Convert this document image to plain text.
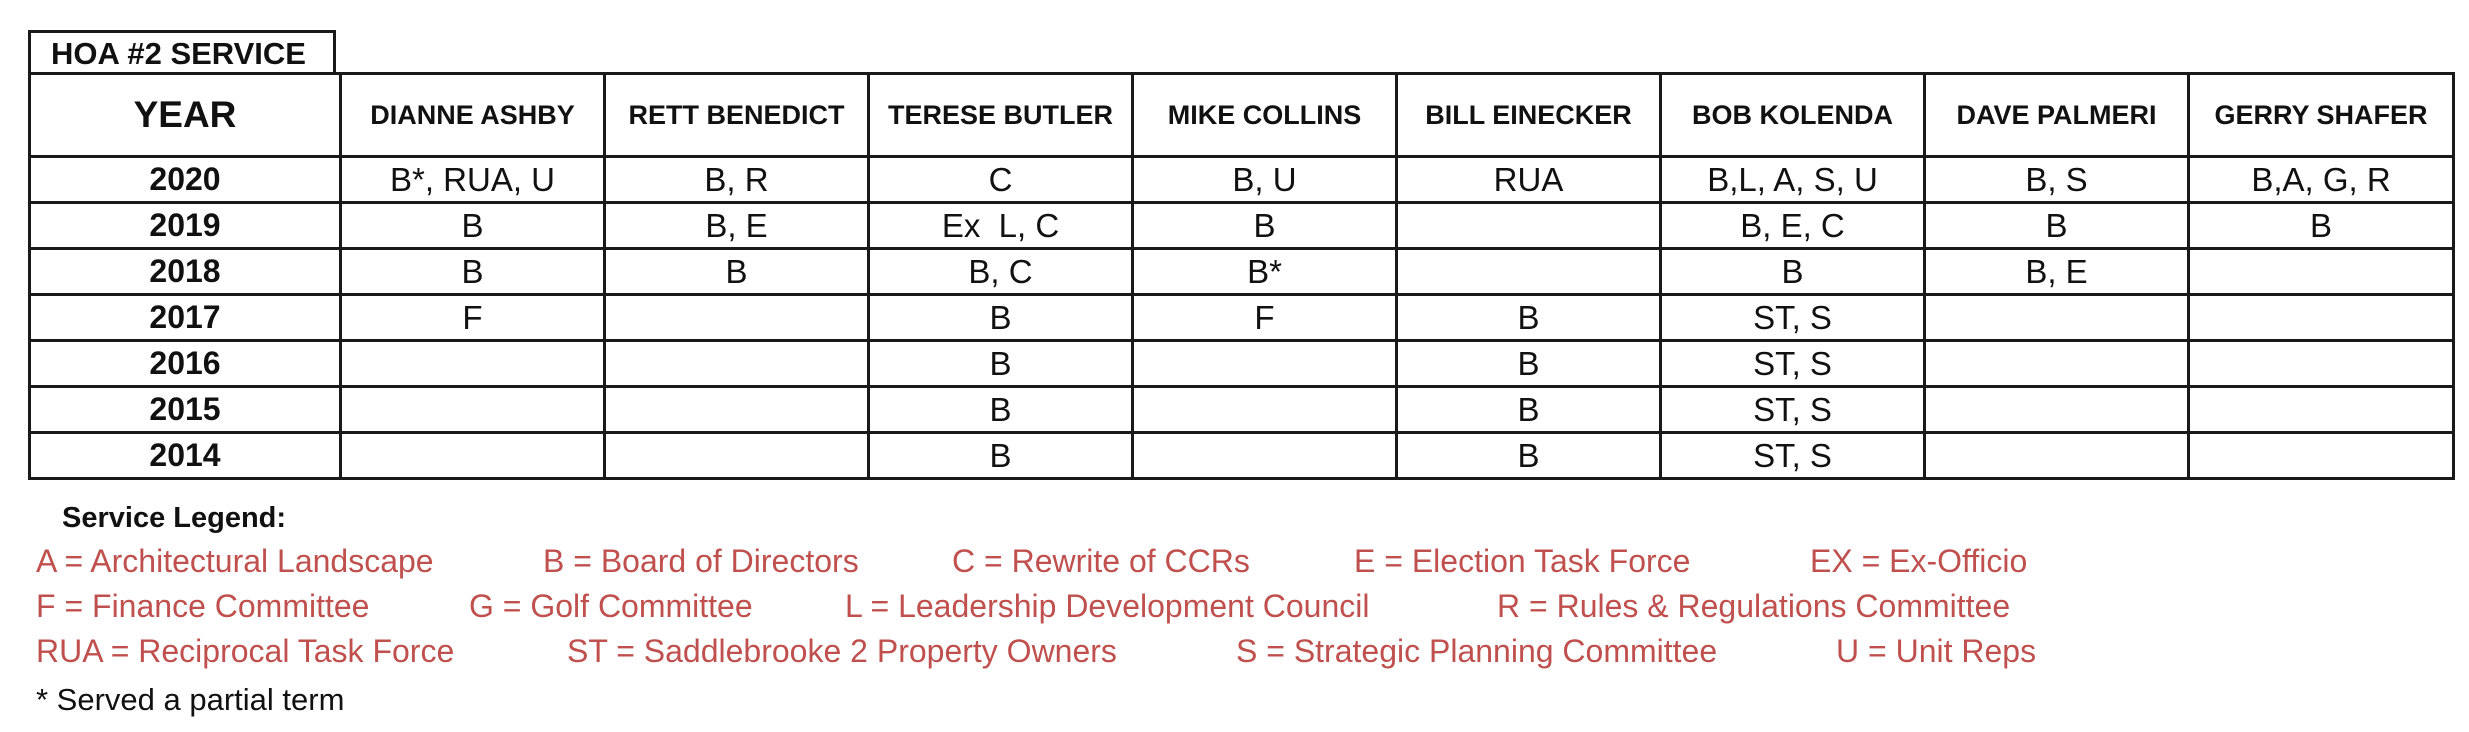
HOA #2 SERVICE
YEAR	DIANNE ASHBY	RETT BENEDICT	TERESE BUTLER	MIKE COLLINS	BILL EINECKER	BOB KOLENDA	DAVE PALMERI	GERRY SHAFER
2020	B*, RUA, U	B, R	C	B, U	RUA	B,L, A, S, U	B, S	B,A, G, R
2019	B	B, E	Ex  L, C	B		B, E, C	B	B
2018	B	B	B, C	B*		B	B, E	
2017	F		B	F	B	ST, S		
2016			B		B	ST, S		
2015			B		B	ST, S		
2014			B		B	ST, S		
Service Legend:
A = Architectural Landscape	B = Board of Directors	C = Rewrite of CCRs	E = Election Task Force	EX = Ex-Officio
F = Finance Committee	G = Golf Committee	L = Leadership Development Council	R = Rules & Regulations Committee
RUA = Reciprocal Task Force	ST = Saddlebrooke 2 Property Owners	S = Strategic Planning Committee	U = Unit Reps
* Served a partial term
